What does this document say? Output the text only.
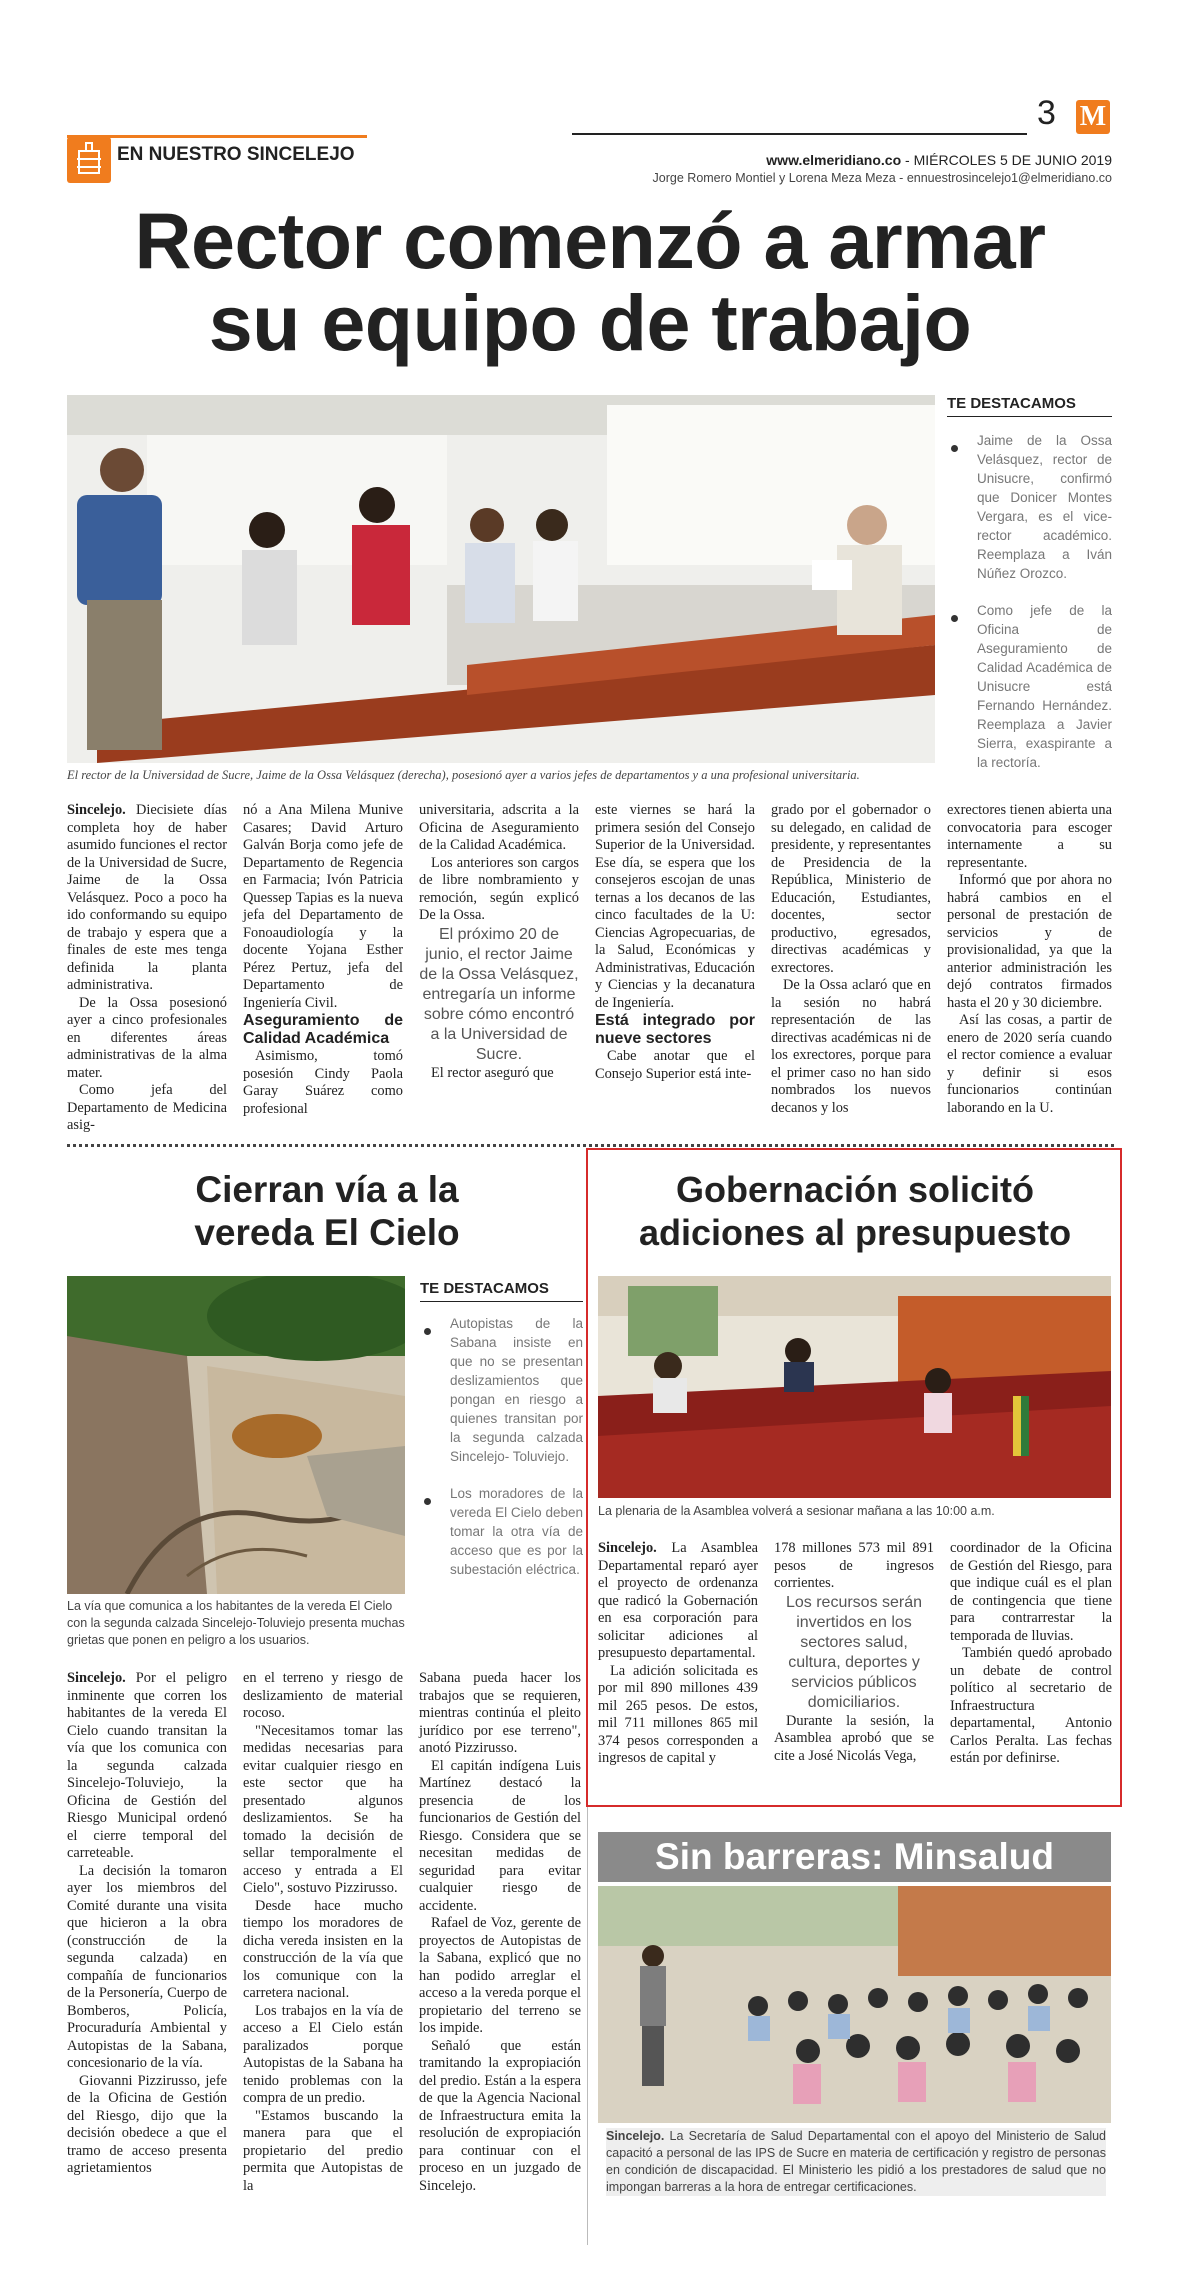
3 M
EN NUESTRO SINCELEJO	www.elmeridiano.co - MIÉRCOLES 5 DE JUNIO 2019
Jorge Romero Montiel y Lorena Meza Meza - ennuestrosincelejo1@elmeridiano.co
Rector comenzó a armar
su equipo de trabajo
El rector de la Universidad de Sucre, Jaime de la Ossa Velásquez (derecha), posesionó ayer a varios jefes de departamentos y a una profesional universitaria.
TE DESTACAMOS
Jaime de la Ossa Velásquez, rector de Unisucre, confirmó que Donicer Montes Vergara, es el vice-rector académico. Reemplaza a Iván Núñez Orozco.
Como jefe de la Oficina de Aseguramiento de Calidad Académica de Unisucre está Fernando Hernández. Reemplaza a Javier Sierra, exaspirante a la rectoría.

Sincelejo. Diecisiete días completa hoy de haber asumido funciones el rector de la Universidad de Sucre, Jaime de la Ossa Velásquez. Poco a poco ha ido conformando su equipo de trabajo y espera que a finales de este mes tenga definida la planta administrativa.

De la Ossa posesionó ayer a cinco profesionales en diferentes áreas administrativas de la alma mater.

Como jefa del Departamento de Medicina asig-

nó a Ana Milena Munive Casares; David Arturo Galván Borja como jefe de Departamento de Regencia en Farmacia; Ivón Patricia Quessep Tapias es la nueva jefa del Departamento de Fonoaudiología y la docente Yojana Esther Pérez Pertuz, jefa del Departamento de Ingeniería Civil.

Aseguramiento de Calidad Académica

Asimismo, tomó posesión Cindy Paola Garay Suárez como profesional

universitaria, adscrita a la Oficina de Aseguramiento de la Calidad Académica.

Los anteriores son cargos de libre nombramiento y remoción, según explicó De la Ossa.

El próximo 20 de junio, el rector Jaime de la Ossa Velásquez, entregaría un informe sobre cómo encontró a la Universidad de Sucre.

El rector aseguró que

este viernes se hará la primera sesión del Consejo Superior de la Universidad. Ese día, se espera que los consejeros escojan de unas ternas a los decanos de las cinco facultades de la U: Ciencias Agropecuarias, de la Salud, Económicas y Administrativas, Educación y Ciencias y la decanatura de Ingeniería.

Está integrado por nueve sectores

Cabe anotar que el Consejo Superior está inte-

grado por el gobernador o su delegado, en calidad de presidente, y representantes de Presidencia de la República, Ministerio de Educación, Estudiantes, docentes, sector productivo, egresados, directivas académicas y exrectores.

De la Ossa aclaró que en la sesión no habrá representación de las directivas académicas ni de los exrectores, porque para el primer caso no han sido nombrados los nuevos decanos y los

exrectores tienen abierta una convocatoria para escoger internamente a su representante.

Informó que por ahora no habrá cambios en el personal de prestación de servicios y de provisionalidad, ya que la anterior administración les dejó contratos firmados hasta el 20 y 30 diciembre.

Así las cosas, a partir de enero de 2020 sería cuando el rector comience a evaluar y definir si esos funcionarios continúan laborando en la U.

Cierran vía a la
vereda El Cielo
La vía que comunica a los habitantes de la vereda El Cielo con la segunda calzada Sincelejo-Toluviejo presenta muchas grietas que ponen en peligro a los usuarios.
TE DESTACAMOS
Autopistas de la Sabana insiste en que no se presentan deslizamientos que pongan en riesgo a quienes transitan por la segunda calzada Sincelejo- Toluviejo.
Los moradores de la vereda El Cielo deben tomar la otra vía de acceso que es por la subestación eléctrica.

Sincelejo. Por el peligro inminente que corren los habitantes de la vereda El Cielo cuando transitan la vía que los comunica con la segunda calzada Sincelejo-Toluviejo, la Oficina de Gestión del Riesgo Municipal ordenó el cierre temporal del carreteable.

La decisión la tomaron ayer los miembros del Comité durante una visita que hicieron a la obra (construcción de la segunda calzada) en compañía de funcionarios de la Personería, Cuerpo de Bomberos, Policía, Procuraduría Ambiental y Autopistas de la Sabana, concesionario de la vía.

Giovanni Pizzirusso, jefe de la Oficina de Gestión del Riesgo, dijo que la decisión obedece a que el tramo de acceso presenta agrietamientos

en el terreno y riesgo de deslizamiento de material rocoso.

"Necesitamos tomar las medidas necesarias para evitar cualquier riesgo en este sector que ha presentado algunos deslizamientos. Se ha tomado la decisión de sellar temporalmente el acceso y entrada a El Cielo", sostuvo Pizzirusso.

Desde hace mucho tiempo los moradores de dicha vereda insisten en la construcción de la vía que los comunique con la carretera nacional.

Los trabajos en la vía de acceso a El Cielo están paralizados porque Autopistas de la Sabana ha tenido problemas con la compra de un predio.

"Estamos buscando la manera para que el propietario del predio permita que Autopistas de la

Sabana pueda hacer los trabajos que se requieren, mientras continúa el pleito jurídico por ese terreno", anotó Pizzirusso.

El capitán indígena Luis Martínez destacó la presencia de los funcionarios de Gestión del Riesgo. Considera que se necesitan medidas de seguridad para evitar cualquier riesgo de accidente.

Rafael de Voz, gerente de proyectos de Autopistas de la Sabana, explicó que no han podido arreglar el acceso a la vereda porque el propietario del terreno se los impide.

Señaló que están tramitando la expropiación del predio. Están a la espera de que la Agencia Nacional de Infraestructura emita la resolución de expropiación para continuar con el proceso en un juzgado de Sincelejo.

Gobernación solicitó
adiciones al presupuesto
La plenaria de la Asamblea volverá a sesionar mañana a las 10:00 a.m.

Sincelejo. La Asamblea Departamental reparó ayer el proyecto de ordenanza que radicó la Gobernación en esa corporación para solicitar adiciones al presupuesto departamental.

La adición solicitada es por mil 890 millones 439 mil 265 pesos. De estos, mil 711 millones 865 mil 374 pesos corresponden a ingresos de capital y

178 millones 573 mil 891 pesos de ingresos corrientes.

Los recursos serán invertidos en los sectores salud, cultura, deportes y servicios públicos domiciliarios.

Durante la sesión, la Asamblea aprobó que se cite a José Nicolás Vega,

coordinador de la Oficina de Gestión del Riesgo, para que indique cuál es el plan de contingencia que tiene para contrarrestar la temporada de lluvias.

También quedó aprobado un debate de control político al secretario de Infraestructura departamental, Antonio Carlos Peralta. Las fechas están por definirse.

Sin barreras: Minsalud
Sincelejo. La Secretaría de Salud Departamental con el apoyo del Ministerio de Salud capacitó a personal de las IPS de Sucre en materia de certificación y registro de personas en condición de discapacidad. El Ministerio les pidió a los prestadores de salud que no impongan barreras a la hora de entregar certificaciones.
